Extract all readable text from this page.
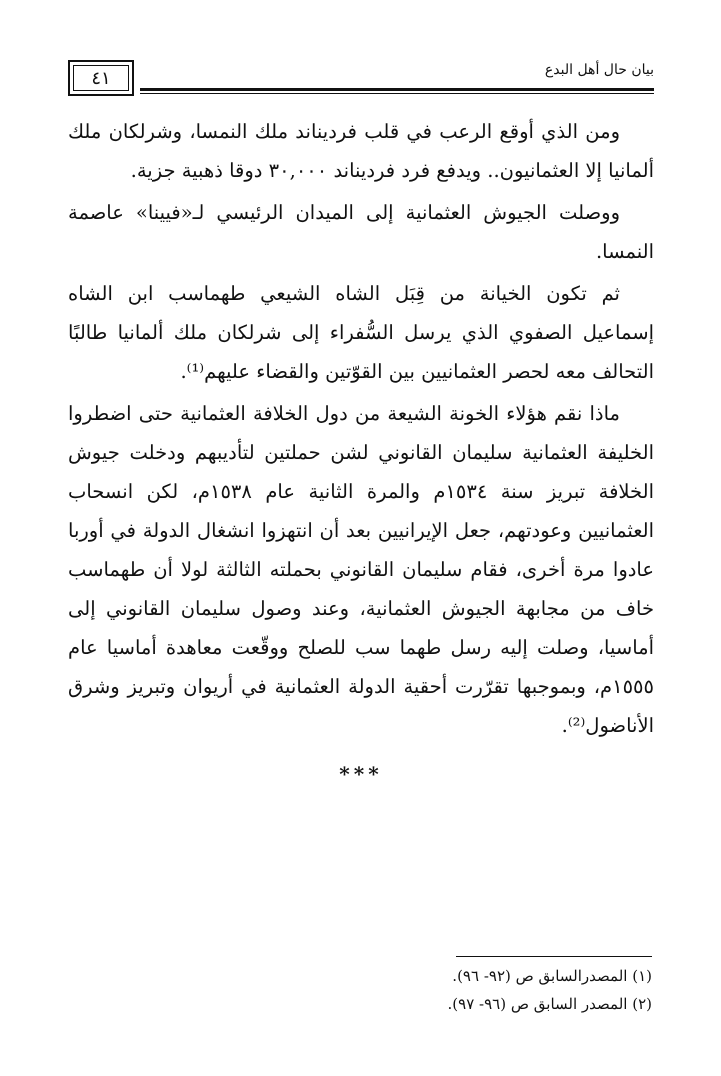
٤١	بيان حال أهل البدع

ومن الذي أوقع الرعب في قلب فرديناند ملك النمسا، وشرلكان ملك ألمانيا إلا العثمانيون.. ويدفع فرد فرديناند ٣٠,٠٠٠ دوقا ذهبية جزية.

ووصلت الجيوش العثمانية إلى الميدان الرئيسي لـ«فيينا» عاصمة النمسا.

ثم تكون الخيانة من قِبَل الشاه الشيعي طهماسب ابن الشاه إسماعيل الصفوي الذي يرسل السُّفراء إلى شرلكان ملك ألمانيا طالبًا التحالف معه لحصر العثمانيين بين القوّتين والقضاء عليهم⁽¹⁾.

ماذا نقم هؤلاء الخونة الشيعة من دول الخلافة العثمانية حتى اضطروا الخليفة العثمانية سليمان القانوني لشن حملتين لتأديبهم ودخلت جيوش الخلافة تبريز سنة ١٥٣٤م والمرة الثانية عام ١٥٣٨م، لكن انسحاب العثمانيين وعودتهم، جعل الإيرانيين بعد أن انتهزوا انشغال الدولة في أوربا عادوا مرة أخرى، فقام سليمان القانوني بحملته الثالثة لولا أن طهماسب خاف من مجابهة الجيوش العثمانية، وعند وصول سليمان القانوني إلى أماسيا، وصلت إليه رسل طهما سب للصلح ووقّعت معاهدة أماسيا عام ١٥٥٥م، وبموجبها تقرّرت أحقية الدولة العثمانية في أريوان وتبريز وشرق الأناضول⁽²⁾.

***
(١) المصدرالسابق ص (٩٢- ٩٦).
(٢) المصدر السابق ص (٩٦- ٩٧).
